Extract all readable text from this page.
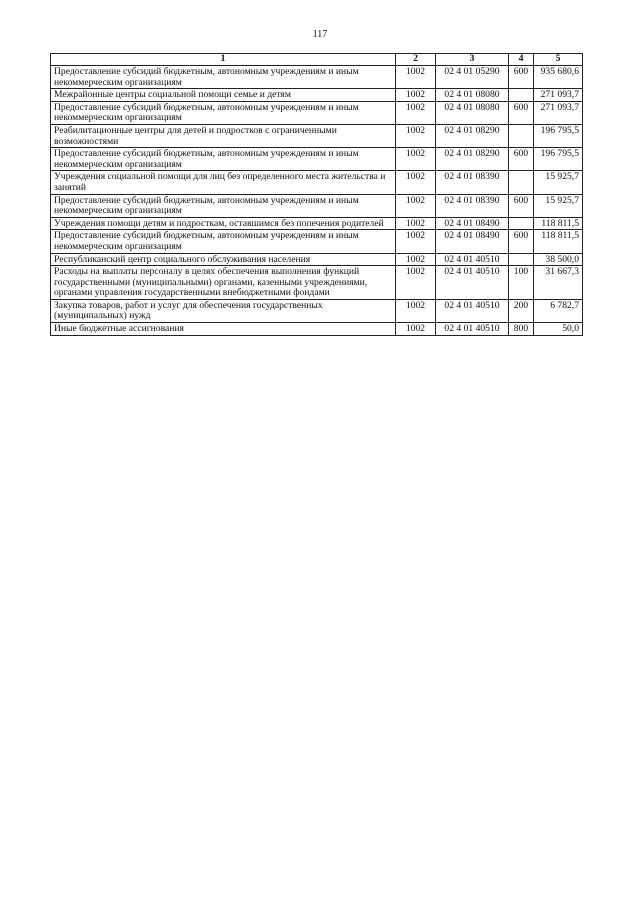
117
1	2	3	4	5
Предоставление субсидий бюджетным, автономным учреждениям и иным некоммерческим организациям	1002	02 4 01 05290	600	935 680,6
Межрайонные центры социальной помощи семье и детям	1002	02 4 01 08080		271 093,7
Предоставление субсидий бюджетным, автономным учреждениям и иным некоммерческим организациям	1002	02 4 01 08080	600	271 093,7
Реабилитационные центры для детей и подростков с ограниченными возможностями	1002	02 4 01 08290		196 795,5
Предоставление субсидий бюджетным, автономным учреждениям и иным некоммерческим организациям	1002	02 4 01 08290	600	196 795,5
Учреждения социальной помощи для лиц без определенного места жительства и занятий	1002	02 4 01 08390		15 925,7
Предоставление субсидий бюджетным, автономным учреждениям и иным некоммерческим организациям	1002	02 4 01 08390	600	15 925,7
Учреждения помощи детям и подросткам, оставшимся без попечения родителей	1002	02 4 01 08490		118 811,5
Предоставление субсидий бюджетным, автономным учреждениям и иным некоммерческим организациям	1002	02 4 01 08490	600	118 811,5
Республиканский центр социального обслуживания населения	1002	02 4 01 40510		38 500,0
Расходы на выплаты персоналу в целях обеспечения выполнения функций государственными (муниципальными) органами, казенными учреждениями, органами управления государственными внебюджетными фондами	1002	02 4 01 40510	100	31 667,3
Закупка товаров, работ и услуг для обеспечения государственных (муниципальных) нужд	1002	02 4 01 40510	200	6 782,7
Иные бюджетные ассигнования	1002	02 4 01 40510	800	50,0
